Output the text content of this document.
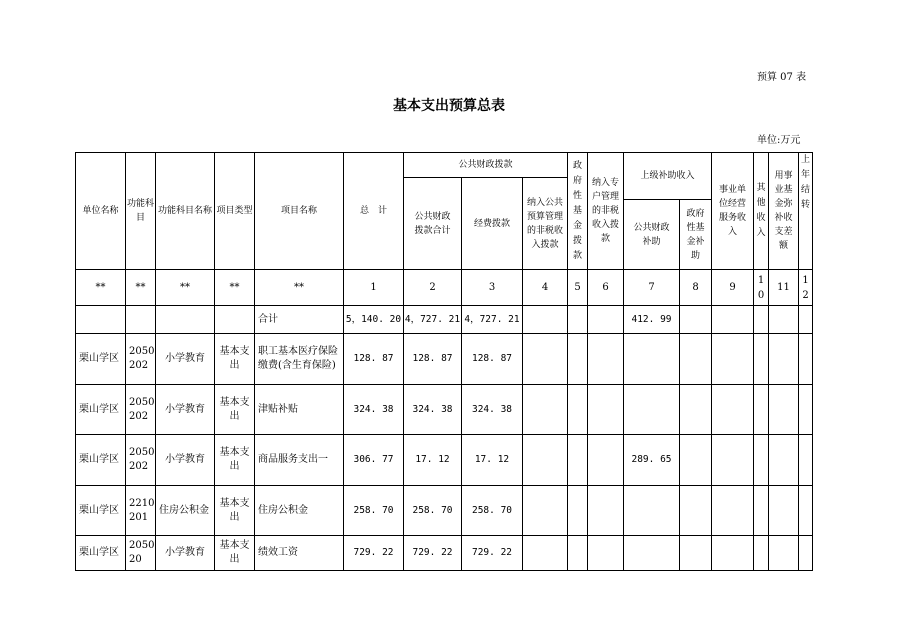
预算 07 表
基本支出预算总表
单位:万元
单位名称	功能科目	功能科目名称	项目类型	项目名称	总　计	公共财政拨款			政府性基金拨款	纳入专户管理的非税收入拨款	上级补助收入		事业单位经营服务收入	其他收入	用事业基金弥补收支差额	上年结转
						公共财政拨款合计	经费拨款	纳入公共预算管理的非税收入拨款								
											公共财政补助	政府性基金补助				
**	**	**	**	**	1	2	3	4	5	6	7	8	9	10	11	12
				合计	5，140. 20	4，727. 21	4，727. 21				412. 99					
栗山学区	2050202	小学教育	基本支出	职工基本医疗保险缴费(含生育保险)	128. 87	128. 87	128. 87									
栗山学区	2050202	小学教育	基本支出	津贴补贴	324. 38	324. 38	324. 38									
栗山学区	2050202	小学教育	基本支出	商品服务支出一	306. 77	17. 12	17. 12				289. 65					
栗山学区	2210201	住房公积金	基本支出	住房公积金	258. 70	258. 70	258. 70									
栗山学区	205020	小学教育	基本支出	绩效工资	729. 22	729. 22	729. 22									
